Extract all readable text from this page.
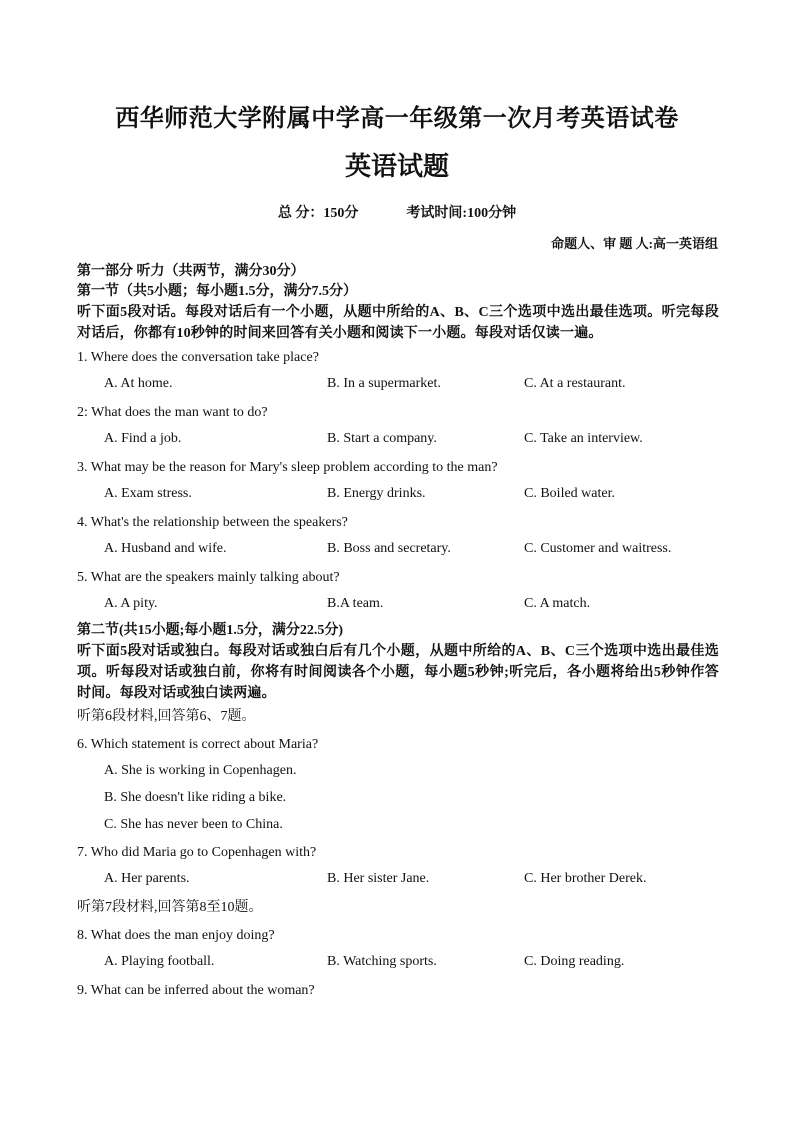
西华师范大学附属中学高一年级第一次月考英语试卷
英语试题
总 分：150分	考试时间:100分钟
命题人、审 题 人:高一英语组
第一部分 听力（共两节，满分30分）
第一节（共5小题；每小题1.5分，满分7.5分）
听下面5段对话。每段对话后有一个小题，从题中所给的A、B、C三个选项中选出最佳选项。听完每段对话后，你都有10秒钟的时间来回答有关小题和阅读下一小题。每段对话仅读一遍。
1. Where does the conversation take place?
A. At home.	B. In a supermarket.	C. At a restaurant.
2: What does the man want to do?
A. Find a job.	B. Start a company.	C. Take an interview.
3. What may be the reason for Mary's sleep problem according to the man?
A. Exam stress.	B. Energy drinks.	C. Boiled water.
4. What's the relationship between the speakers?
A. Husband and wife.	B. Boss and secretary.	C. Customer and waitress.
5. What are the speakers mainly talking about?
A. A pity.	B.A team.	C. A match.
第二节(共15小题;每小题1.5分，满分22.5分)
听下面5段对话或独白。每段对话或独白后有几个小题，从题中所给的A、B、C三个选项中选出最佳选项。听每段对话或独白前，你将有时间阅读各个小题，每小题5秒钟;听完后，各小题将给出5秒钟作答时间。每段对话或独白读两遍。
听第6段材料,回答第6、7题。
6. Which statement is correct about Maria?
A. She is working in Copenhagen.
B. She doesn't like riding a bike.
C. She has never been to China.
7. Who did Maria go to Copenhagen with?
A. Her parents.	B. Her sister Jane.	C. Her brother Derek.
听第7段材料,回答第8至10题。
8. What does the man enjoy doing?
A. Playing football.	B. Watching sports.	C. Doing reading.
9. What can be inferred about the woman?
